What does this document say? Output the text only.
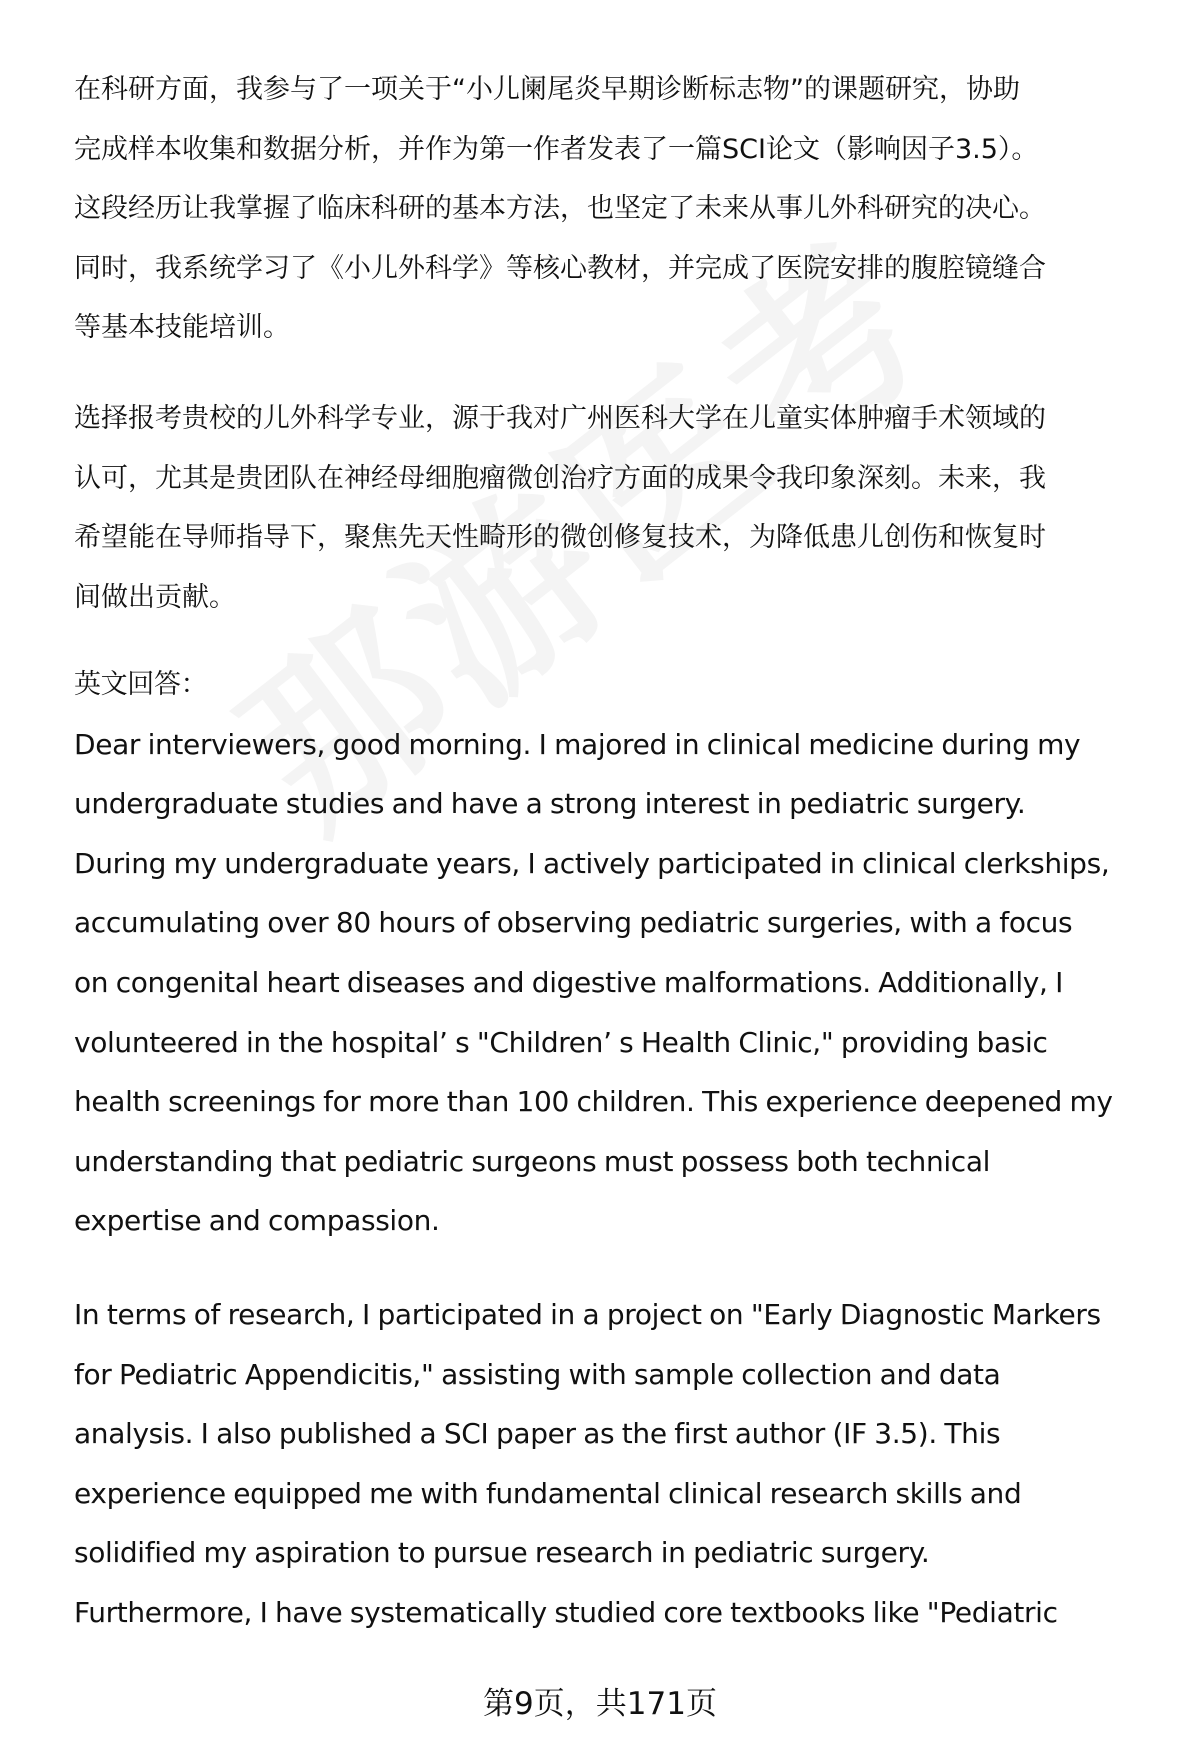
在科研方面，我参与了一项关于“小儿阑尾炎早期诊断标志物”的课题研究，协助
完成样本收集和数据分析，并作为第一作者发表了一篇SCI论文（影响因子3.5）。
这段经历让我掌握了临床科研的基本方法，也坚定了未来从事儿外科研究的决心。
同时，我系统学习了《小儿外科学》等核心教材，并完成了医院安排的腹腔镜缝合
等基本技能培训。

选择报考贵校的儿外科学专业，源于我对广州医科大学在儿童实体肿瘤手术领域的
认可，尤其是贵团队在神经母细胞瘤微创治疗方面的成果令我印象深刻。未来，我
希望能在导师指导下，聚焦先天性畸形的微创修复技术，为降低患儿创伤和恢复时
间做出贡献。

英文回答：
Dear interviewers, good morning. I majored in clinical medicine during my
undergraduate studies and have a strong interest in pediatric surgery.
During my undergraduate years, I actively participated in clinical clerkships,
accumulating over 80 hours of observing pediatric surgeries, with a focus
on congenital heart diseases and digestive malformations. Additionally, I
volunteered in the hospital’ s "Children’ s Health Clinic," providing basic
health screenings for more than 100 children. This experience deepened my
understanding that pediatric surgeons must possess both technical
expertise and compassion.

In terms of research, I participated in a project on "Early Diagnostic Markers
for Pediatric Appendicitis," assisting with sample collection and data
analysis. I also published a SCI paper as the first author (IF 3.5). This
experience equipped me with fundamental clinical research skills and
solidified my aspiration to pursue research in pediatric surgery.
Furthermore, I have systematically studied core textbooks like "Pediatric

第9页，共171页
